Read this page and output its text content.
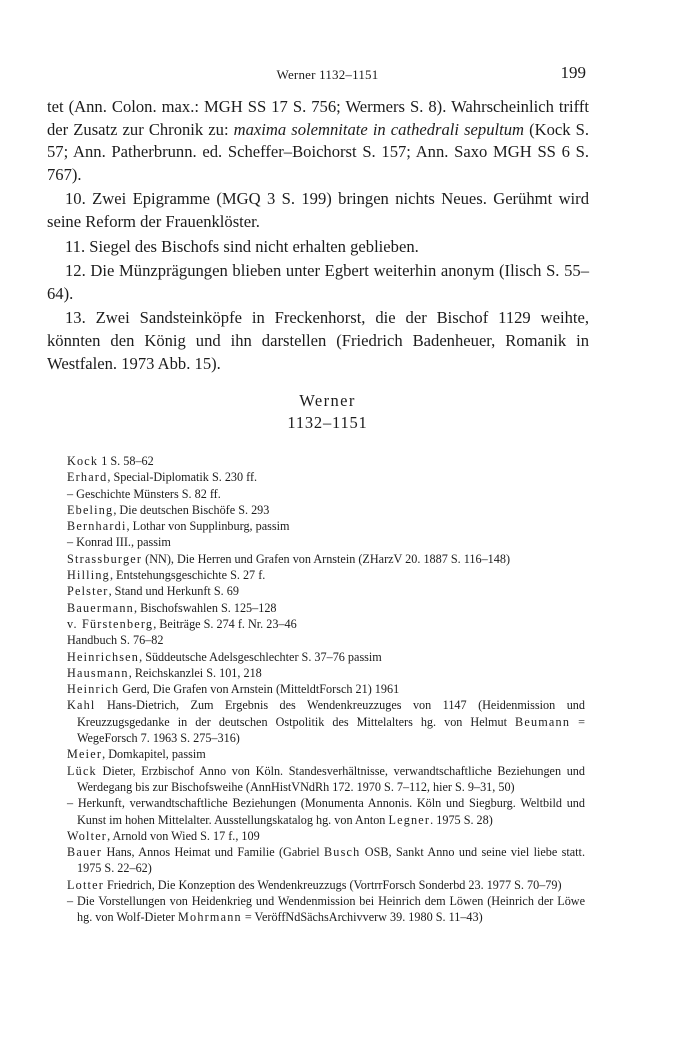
Werner 1132–1151	199

tet (Ann. Colon. max.: MGH SS 17 S. 756; Wermers S. 8). Wahrscheinlich trifft der Zusatz zur Chronik zu: maxima solemnitate in cathedrali sepultum (Kock S. 57; Ann. Patherbrunn. ed. Scheffer–Boichorst S. 157; Ann. Saxo MGH SS 6 S. 767).

10. Zwei Epigramme (MGQ 3 S. 199) bringen nichts Neues. Gerühmt wird seine Reform der Frauenklöster.

11. Siegel des Bischofs sind nicht erhalten geblieben.

12. Die Münzprägungen blieben unter Egbert weiterhin anonym (Ilisch S. 55–64).

13. Zwei Sandsteinköpfe in Freckenhorst, die der Bischof 1129 weihte, könnten den König und ihn darstellen (Friedrich Badenheuer, Romanik in Westfalen. 1973 Abb. 15).

Werner
1132–1151

Kock 1 S. 58–62

Erhard, Special-Diplomatik S. 230 ff.

– Geschichte Münsters S. 82 ff.

Ebeling, Die deutschen Bischöfe S. 293

Bernhardi, Lothar von Supplinburg, passim

– Konrad III., passim

Strassburger (NN), Die Herren und Grafen von Arnstein (ZHarzV 20. 1887 S. 116–148)

Hilling, Entstehungsgeschichte S. 27 f.

Pelster, Stand und Herkunft S. 69

Bauermann, Bischofswahlen S. 125–128

v. Fürstenberg, Beiträge S. 274 f. Nr. 23–46

Handbuch S. 76–82

Heinrichsen, Süddeutsche Adelsgeschlechter S. 37–76 passim

Hausmann, Reichskanzlei S. 101, 218

Heinrich Gerd, Die Grafen von Arnstein (MitteldtForsch 21) 1961

Kahl Hans-Dietrich, Zum Ergebnis des Wendenkreuzzuges von 1147 (Heidenmission und Kreuzzugsgedanke in der deutschen Ostpolitik des Mittelalters hg. von Helmut Beumann = WegeForsch 7. 1963 S. 275–316)

Meier, Domkapitel, passim

Lück Dieter, Erzbischof Anno von Köln. Standesverhältnisse, verwandtschaftliche Beziehungen und Werdegang bis zur Bischofsweihe (AnnHistVNdRh 172. 1970 S. 7–112, hier S. 9–31, 50)

– Herkunft, verwandtschaftliche Beziehungen (Monumenta Annonis. Köln und Siegburg. Weltbild und Kunst im hohen Mittelalter. Ausstellungskatalog hg. von Anton Legner. 1975 S. 28)

Wolter, Arnold von Wied S. 17 f., 109

Bauer Hans, Annos Heimat und Familie (Gabriel Busch OSB, Sankt Anno und seine viel liebe statt. 1975 S. 22–62)

Lotter Friedrich, Die Konzeption des Wendenkreuzzugs (VortrrForsch Sonderbd 23. 1977 S. 70–79)

– Die Vorstellungen von Heidenkrieg und Wendenmission bei Heinrich dem Löwen (Heinrich der Löwe hg. von Wolf-Dieter Mohrmann = VeröffNdSächsArchivverw 39. 1980 S. 11–43)
